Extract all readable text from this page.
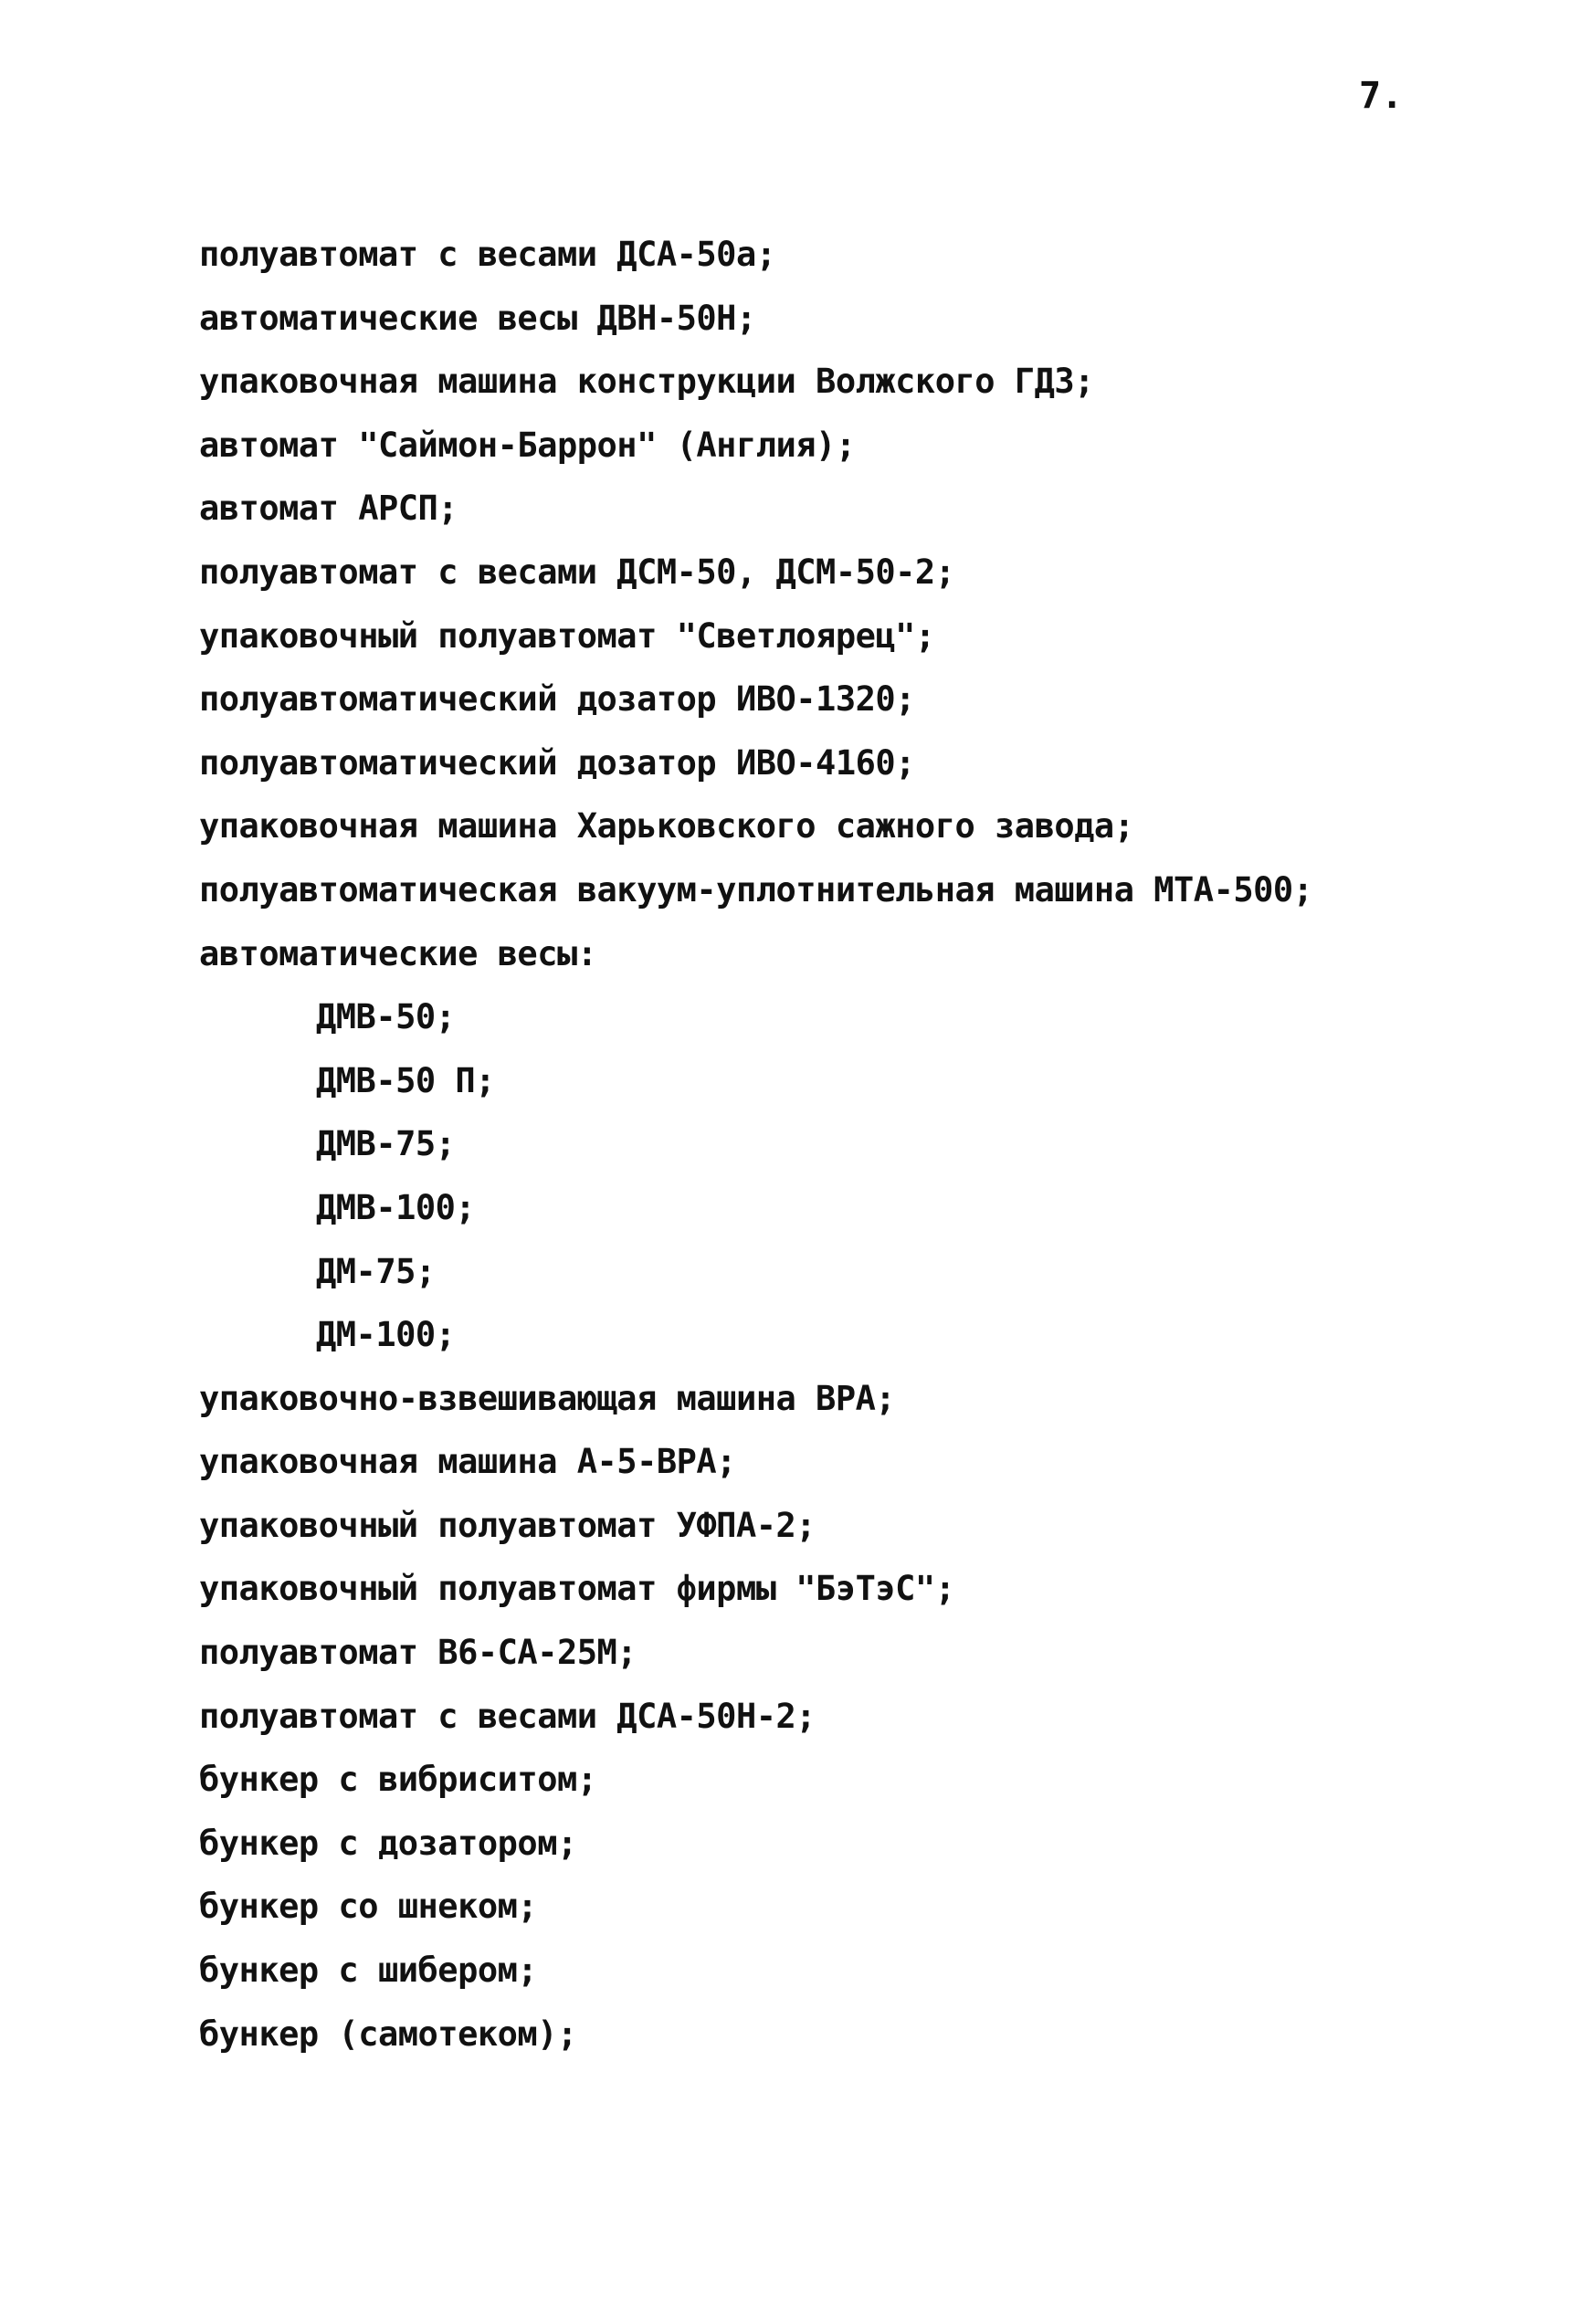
7.
полуавтомат с весами ДСА-50а;
автоматические весы ДВН-50Н;
упаковочная машина конструкции Волжского ГДЗ;
автомат "Саймон-Баррон" (Англия);
автомат АРСП;
полуавтомат с весами ДСМ-50, ДСМ-50-2;
упаковочный полуавтомат "Светлоярец";
полуавтоматический дозатор ИВО-1320;
полуавтоматический дозатор ИВО-4160;
упаковочная машина Харьковского сажного завода;
полуавтоматическая вакуум-уплотнительная машина МТА-500;
автоматические весы:
ДМВ-50;
ДМВ-50 П;
ДМВ-75;
ДМВ-100;
ДМ-75;
ДМ-100;
упаковочно-взвешивающая машина ВРА;
упаковочная машина А-5-ВРА;
упаковочный полуавтомат УФПА-2;
упаковочный полуавтомат фирмы "БэТэС";
полуавтомат В6-СА-25М;
полуавтомат с весами ДСА-50Н-2;
бункер с вибриситом;
бункер с дозатором;
бункер со шнеком;
бункер с шибером;
бункер (самотеком);
